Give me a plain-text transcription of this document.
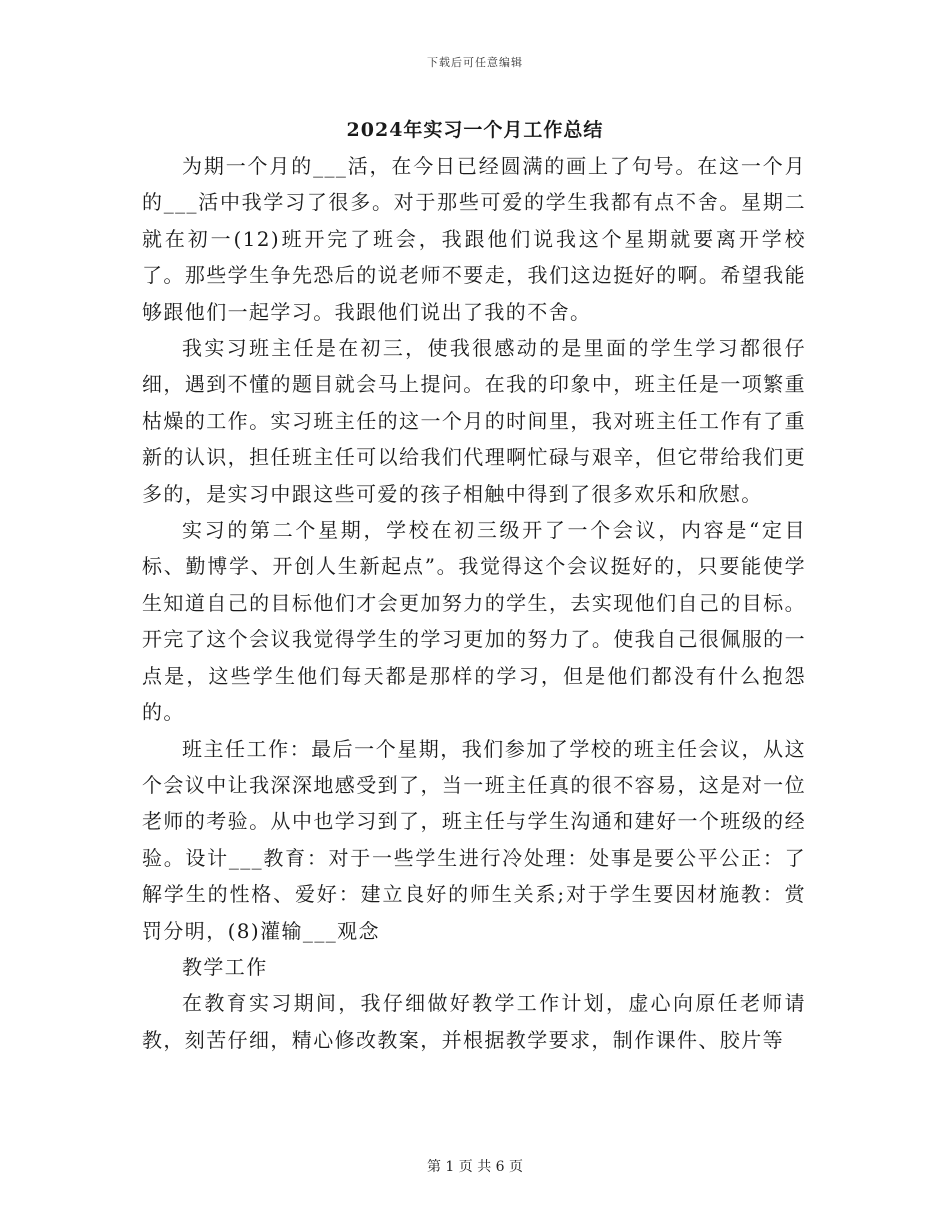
下载后可任意编辑
2024年实习一个月工作总结

为期一个月的___活，在今日已经圆满的画上了句号。在这一个月的___活中我学习了很多。对于那些可爱的学生我都有点不舍。星期二就在初一(12)班开完了班会，我跟他们说我这个星期就要离开学校了。那些学生争先恐后的说老师不要走，我们这边挺好的啊。希望我能够跟他们一起学习。我跟他们说出了我的不舍。

我实习班主任是在初三，使我很感动的是里面的学生学习都很仔细，遇到不懂的题目就会马上提问。在我的印象中，班主任是一项繁重枯燥的工作。实习班主任的这一个月的时间里，我对班主任工作有了重新的认识，担任班主任可以给我们代理啊忙碌与艰辛，但它带给我们更多的，是实习中跟这些可爱的孩子相触中得到了很多欢乐和欣慰。

实习的第二个星期，学校在初三级开了一个会议，内容是“定目标、勤博学、开创人生新起点”。我觉得这个会议挺好的，只要能使学生知道自己的目标他们才会更加努力的学生，去实现他们自己的目标。开完了这个会议我觉得学生的学习更加的努力了。使我自己很佩服的一点是，这些学生他们每天都是那样的学习，但是他们都没有什么抱怨的。

班主任工作：最后一个星期，我们参加了学校的班主任会议，从这个会议中让我深深地感受到了，当一班主任真的很不容易，这是对一位老师的考验。从中也学习到了，班主任与学生沟通和建好一个班级的经验。设计___教育：对于一些学生进行冷处理：处事是要公平公正：了解学生的性格、爱好：建立良好的师生关系;对于学生要因材施教：赏罚分明，(8)灌输___观念

教学工作

在教育实习期间，我仔细做好教学工作计划，虚心向原任老师请教，刻苦仔细，精心修改教案，并根据教学要求，制作课件、胶片等

第 1 页 共 6 页
